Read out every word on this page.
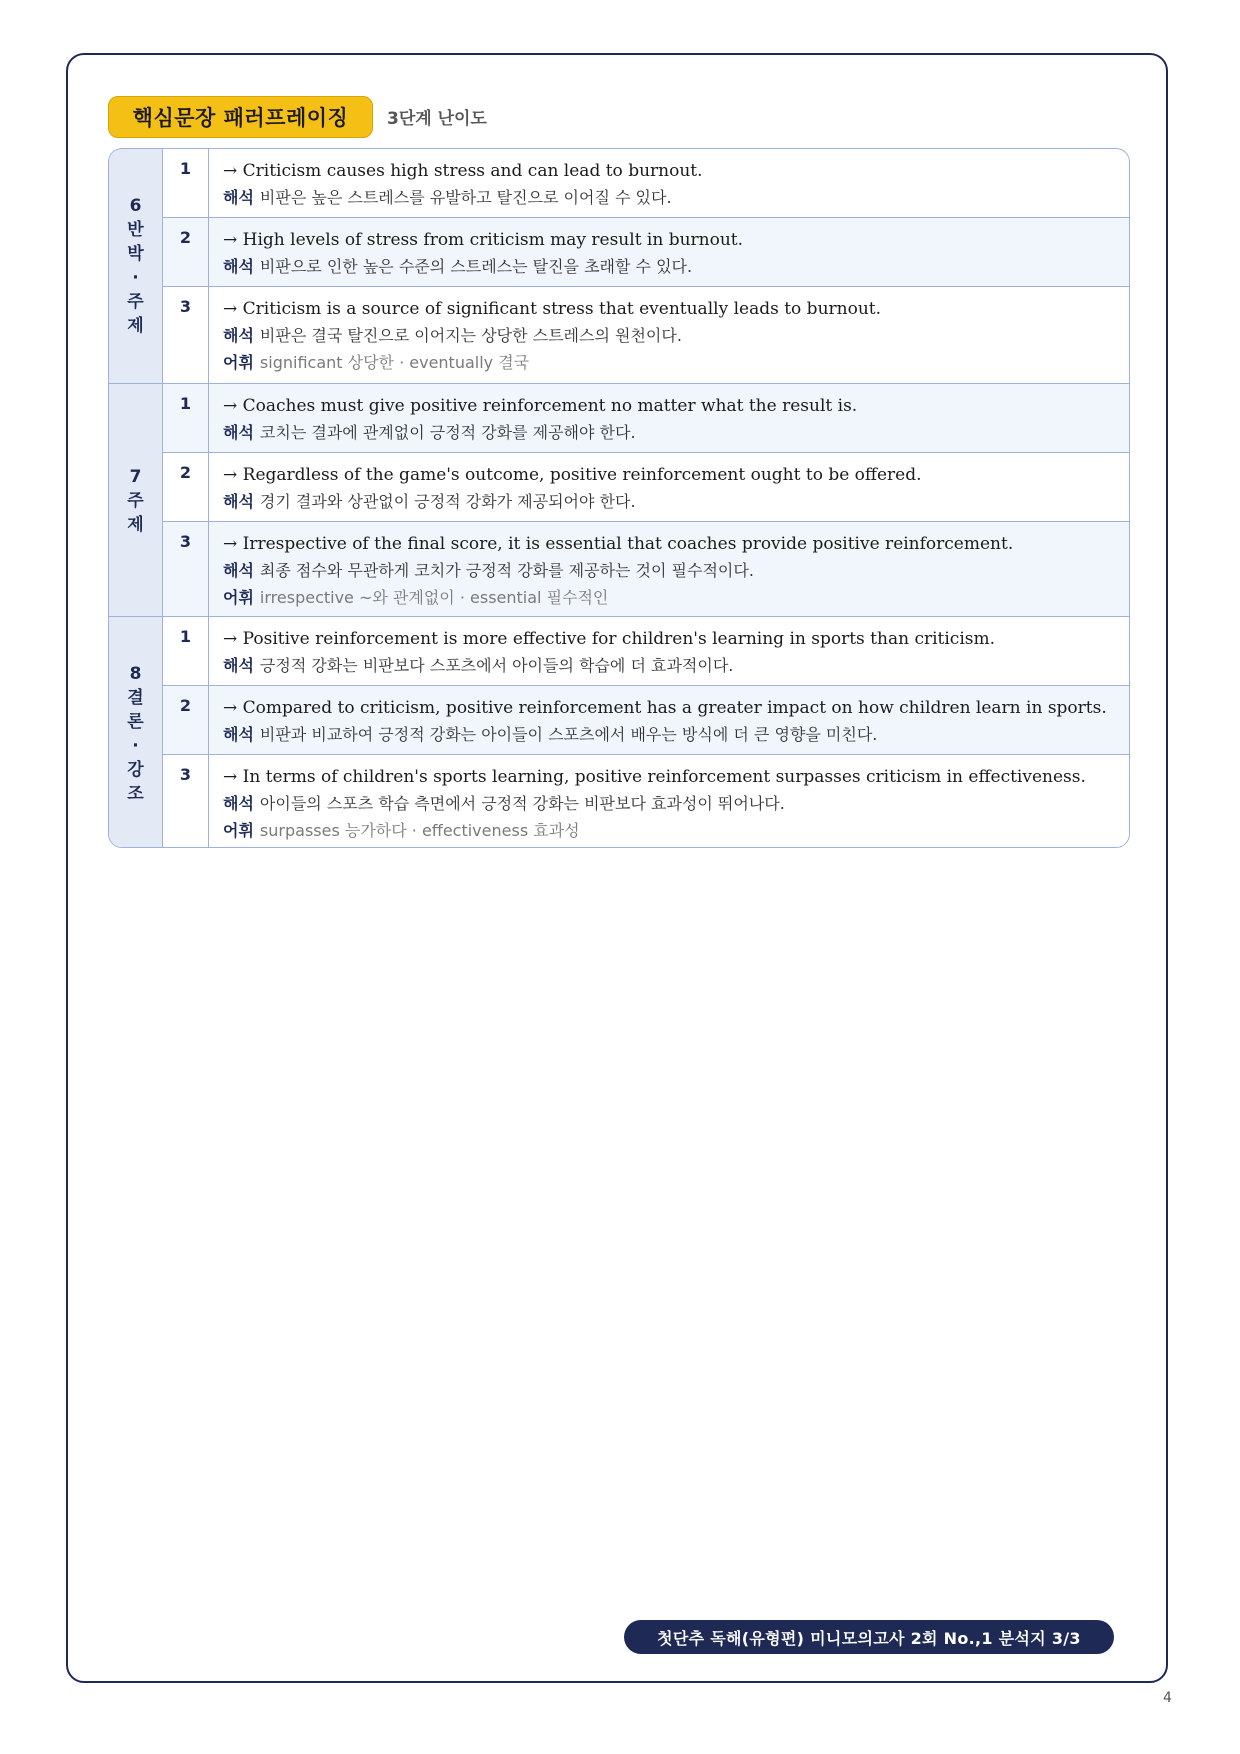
핵심문장 패러프레이징	3단계 난이도
6 반 박· 주 제
1	→ Criticism causes high stress and can lead to burnout.
해석 비판은 높은 스트레스를 유발하고 탈진으로 이어질 수 있다.
2	→ High levels of stress from criticism may result in burnout.
해석 비판으로 인한 높은 수준의 스트레스는 탈진을 초래할 수 있다.
3	→ Criticism is a source of significant stress that eventually leads to burnout.
해석 비판은 결국 탈진으로 이어지는 상당한 스트레스의 원천이다.
어휘 significant 상당한 · eventually 결국
7 주 제
1	→ Coaches must give positive reinforcement no matter what the result is.
해석 코치는 결과에 관계없이 긍정적 강화를 제공해야 한다.
2	→ Regardless of the game's outcome, positive reinforcement ought to be offered.
해석 경기 결과와 상관없이 긍정적 강화가 제공되어야 한다.
3	→ Irrespective of the final score, it is essential that coaches provide positive reinforcement.
해석 최종 점수와 무관하게 코치가 긍정적 강화를 제공하는 것이 필수적이다.
어휘 irrespective ~와 관계없이 · essential 필수적인
8 결 론· 강 조
1	→ Positive reinforcement is more effective for children's learning in sports than criticism.
해석 긍정적 강화는 비판보다 스포츠에서 아이들의 학습에 더 효과적이다.
2	→ Compared to criticism, positive reinforcement has a greater impact on how children learn in sports.
해석 비판과 비교하여 긍정적 강화는 아이들이 스포츠에서 배우는 방식에 더 큰 영향을 미친다.
3	→ In terms of children's sports learning, positive reinforcement surpasses criticism in effectiveness.
해석 아이들의 스포츠 학습 측면에서 긍정적 강화는 비판보다 효과성이 뛰어나다.
어휘 surpasses 능가하다 · effectiveness 효과성
첫단추 독해(유형편) 미니모의고사 2회 No.,1 분석지 3/3
4
